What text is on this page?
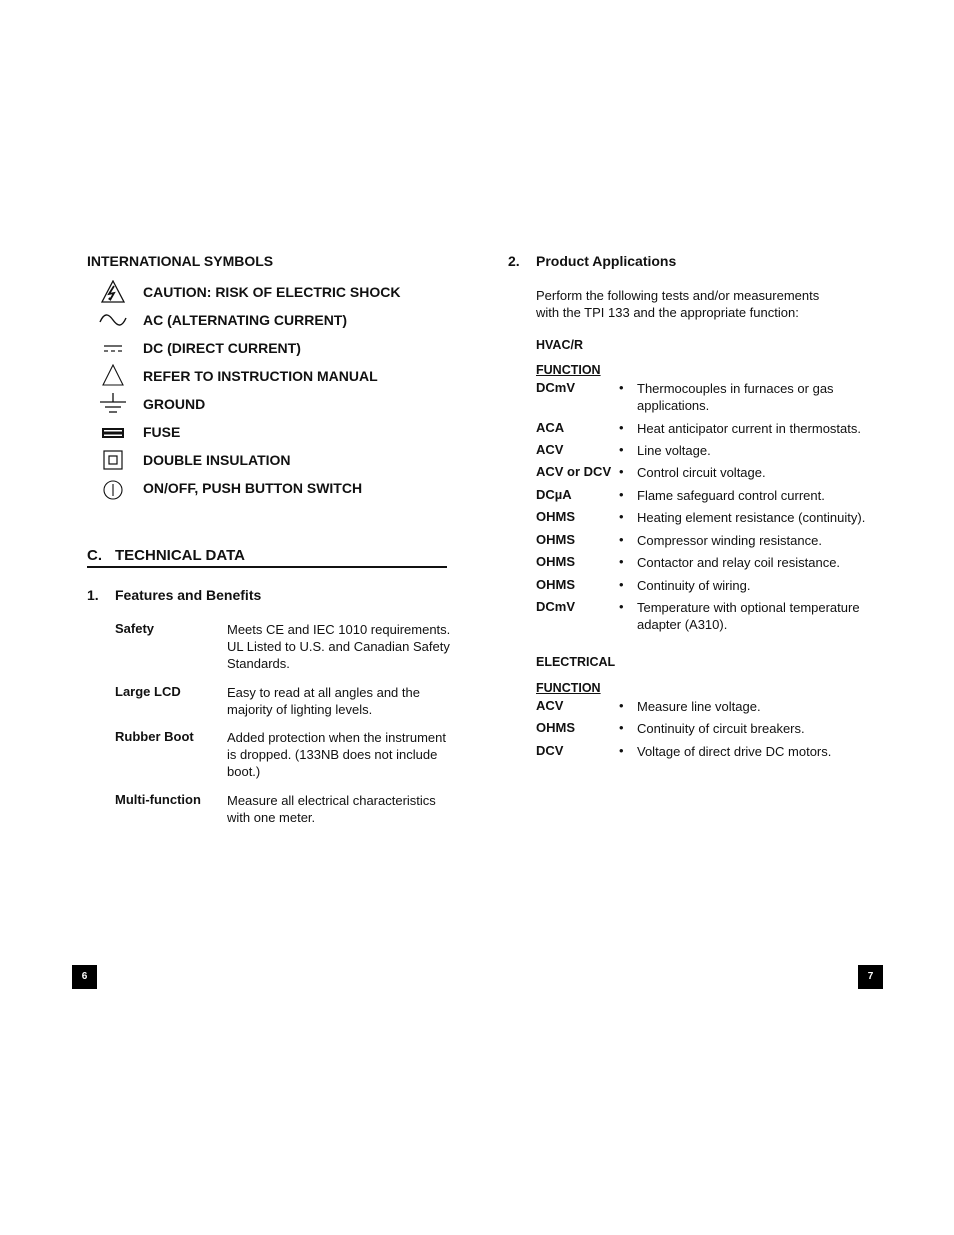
INTERNATIONAL SYMBOLS
CAUTION: RISK OF ELECTRIC SHOCK
AC (ALTERNATING CURRENT)
DC (DIRECT CURRENT)
REFER TO INSTRUCTION MANUAL
GROUND
FUSE
DOUBLE INSULATION
ON/OFF, PUSH BUTTON SWITCH
C. TECHNICAL DATA
1. Features and Benefits
Safety	Meets CE and IEC 1010 requirements. UL Listed to U.S. and Canadian Safety Standards.
Large LCD	Easy to read at all angles and the majority of lighting levels.
Rubber Boot	Added protection when the instrument is dropped. (133NB does not include boot.)
Multi-function Measure all electrical characteristics with one meter.
6
2. Product Applications
Perform the following tests and/or measurements with the TPI 133 and the appropriate function:
HVAC/R
FUNCTION
DCmV	• Thermocouples in furnaces or gas applications.
ACA	• Heat anticipator current in thermostats.
ACV	• Line voltage.
ACV or DCV • Control circuit voltage.
DCµA	• Flame safeguard control current.
OHMS	• Heating element resistance (continuity).
OHMS	• Compressor winding resistance.
OHMS	• Contactor and relay coil resistance.
OHMS	• Continuity of wiring.
DCmV	• Temperature with optional temperature adapter (A310).
ELECTRICAL
FUNCTION
ACV	• Measure line voltage.
OHMS	• Continuity of circuit breakers.
DCV	• Voltage of direct drive DC motors.
7
